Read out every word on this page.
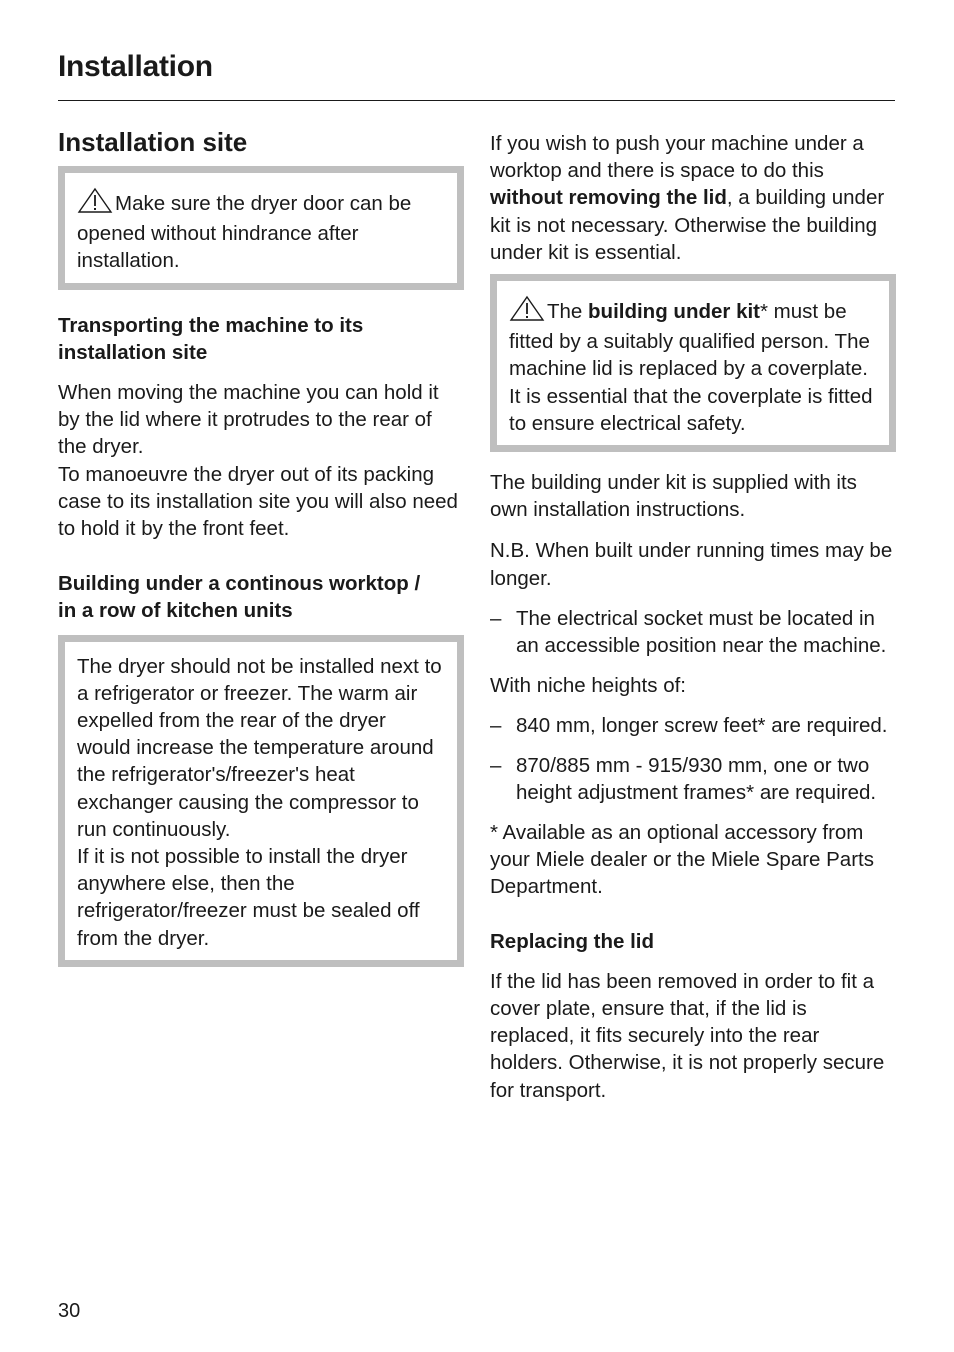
Installation
Installation site

Make sure the dryer door can be opened without hindrance after installation.

Transporting the machine to its
installation site

When moving the machine you can hold it by the lid where it protrudes to the rear of the dryer.

To manoeuvre the dryer out of its packing case to its installation site you will also need to hold it by the front feet.

Building under a continous worktop /
in a row of kitchen units

The dryer should not be installed next to a refrigerator or freezer. The warm air expelled from the rear of the dryer would increase the temperature around the refrigerator's/freezer's heat exchanger causing the compressor to run continuously.

If it is not possible to install the dryer anywhere else, then the refrigerator/freezer must be sealed off from the dryer.

If you wish to push your machine under a worktop and there is space to do this without removing the lid, a building under kit is not necessary. Otherwise the building under kit is essential.

The building under kit* must be fitted by a suitably qualified person. The machine lid is replaced by a coverplate. It is essential that the coverplate is fitted to ensure electrical safety.

The building under kit is supplied with its own installation instructions.

N.B. When built under running times may be longer.

– The electrical socket must be located in an accessible position near the machine.

With niche heights of:

– 840 mm, longer screw feet* are required.
– 870/885 mm - 915/930 mm, one or two height adjustment frames* are required.

* Available as an optional accessory from your Miele dealer or the Miele Spare Parts Department.

Replacing the lid

If the lid has been removed in order to fit a cover plate, ensure that, if the lid is replaced, it fits securely into the rear holders. Otherwise, it is not properly secure for transport.

30
